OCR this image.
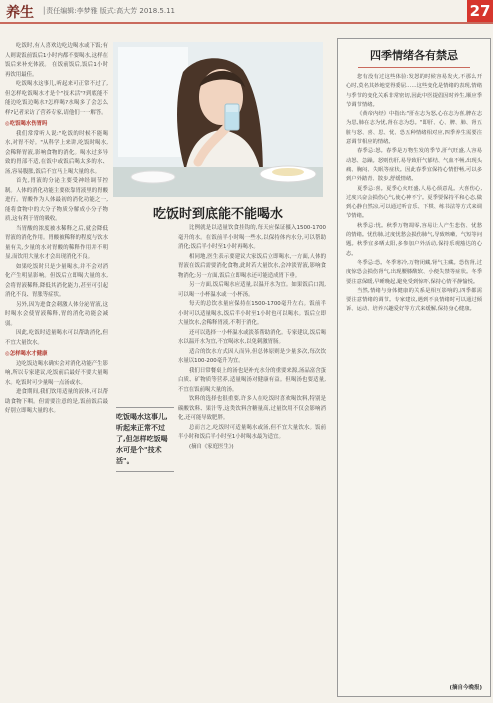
养生 │责任编辑:李梦雅 版式:高大芳 2018.5.11	27

吃饭时,有人喜欢边吃边喝水或下饭;有人则说饭前饭后1小时内都不要喝水,这样在饭后来补充体液。 在饭前饭后,饭后1小时再饮用最佳。

吃饭喝水这事儿,听起来可正常不过了,但怎样吃饭喝水才是个"技术活"?到底能不能边吃饭边喝水?怎样喝?水喝多了会怎么样?记者采访了营养专家,请他们一一解答。

◎吃饭喝水伤胃吗

我们常常听人说:"吃饭的时候不能喝水,对胃不好。"从科学上来讲,吃饭时喝水,会稀释胃液,影响食物的消化。喝水过多导致的胃部不适,在饭中或饭后喝太多的水、汤,容易腹胀,饭后不宜马上喝大量的水。

首先,胃液的分泌主要受神经调节控制。人体的消化功能主要依靠胃液里的胃酸进行。胃酸作为人体最初的消化功能之一,能将食物中的大分子物质分解成小分子物质,这有利于胃的吸收。

当胃酸的浓度被水稀释之后,就会降低胃液的消化作用。胃酸被稀释的程度与饮水量有关,少量的水对胃酸的稀释作用并不明显,而饮用大量水才会出现消化不良。

如果吃饭时只是少量喝水,并不会对消化产生明显影响。但饭后立即喝大量的水,会将胃液稀释,降低其消化能力,甚至可引起消化不良、胃胀等症状。

另外,因为进食会刺激人体分泌胃液,这时喝水会使胃液稀释,胃的消化功能会减弱。

因此,吃饭时适量喝水可以帮助消化,但不宜大量饮水。

◎怎样喝水才健康

边吃饭边喝水确实会对消化功能产生影响,所以专家建议,吃饭前后最好不要大量喝水。吃饭时可少量喝一点汤或水。

进食期间,我们饮用适量的液体,可以帮助食物下咽。但需要注意的是,饭前饭后最好别立即喝大量的水。

吃饭时到底能不能喝水

比例就是以适量饮食挂钩的,每天应保证摄入1500-1700毫升的水。在饭前半小时喝一些水,以保持体内水分,可以帮助消化;饭后半小时至1小时再喝水。

相同地,医生表示要建议大家饭后立即喝水,一方面,人体的胃液在饭后需要消化食物,此时若大量饮水,会冲淡胃液,影响食物消化;另一方面,饭后立即喝水还可能造成胃下垂。

另一方面,饭后喝水应适量,以温开水为宜。如果饭后口渴,可以喝一小杯温水或一小杯汤。

每天的总饮水量应保持在1500-1700毫升左右。饭前半小时可以适量喝水,饭后半小时至1小时也可以喝水。饭后立即大量饮水,会稀释胃液,不利于消化。

还可以选择一小杯温水或淡茶帮助消化。专家建议,饭后喝水以温开水为宜,不宜喝冰水,以免刺激胃肠。

适合的饮水方式因人而异,但总体原则是少量多次,每次饮水量以100-200毫升为宜。

我们日常餐桌上的汤也是补充水分的重要来源,汤品富含蛋白质、矿物质等营养,适量喝汤对健康有益。但喝汤也要适量,不宜在饭前喝大量的汤。

饮料的选择也很重要,许多人在吃饭时喜欢喝饮料,特别是碳酸饮料、果汁等,这类饮料含糖量高,过量饮用不仅会影响消化,还可能导致肥胖。

总而言之,吃饭时可适量喝水或汤,但不宜大量饮水。饭前半小时和饭后半小时至1小时喝水最为适宜。

(摘自《家庭医生》)

吃饭喝水这事儿,听起来正常不过了,但怎样吃饭喝水可是个"技术活"。
四季情绪各有禁忌

您有没有过这些体验:发怒的时候容易发火,不那么开心时,莫名其妙地觉得委屈……这些变化是情绪的表现,情绪与季节的变化关系非常密切,因此中医提倡因时养生,顺应季节调节情绪。

《黄帝内经》中指出:"肝在志为怒,心在志为喜,脾在志为思,肺在志为忧,肾在志为恐。"即肝、心、脾、肺、肾五脏与怒、喜、思、忧、恐五种情绪相对应,四季养生需要注意调节相应的情绪。

春季忌:怒。春季是万物生发的季节,肝气旺盛,人容易动怒、急躁。怒则伤肝,易导致肝气郁结、气血不畅,出现头痛、胸闷、失眠等症状。因此春季宜保持心情舒畅,可以多到户外踏青、散步,舒缓情绪。

夏季忌:喜。夏季心火旺盛,人易心烦意乱。大喜伤心,过度兴奋会损伤心气,使心神不宁。夏季要保持平和心态,做到心静自然凉,可以通过听音乐、下棋、练书法等方式来调节情绪。

秋季忌:忧。秋季万物凋零,容易让人产生悲伤、忧愁的情绪。忧伤肺,过度忧愁会损伤肺气,导致咳嗽、气短等问题。秋季宜多晒太阳,多参加户外活动,保持乐观豁达的心态。

冬季忌:恐。冬季寒冷,万物闭藏,肾气主藏。恐伤肾,过度惊恐会损伤肾气,出现腰膝酸软、小便失禁等症状。冬季要注意保暖,早睡晚起,避免受到惊吓,保持心情平静愉悦。

当然,情绪与身体健康的关系是相互影响的,四季都需要注意情绪的调节。专家建议,遇到不良情绪时可以通过倾诉、运动、培养兴趣爱好等方式来缓解,保持身心健康。

(摘自今晚报)
